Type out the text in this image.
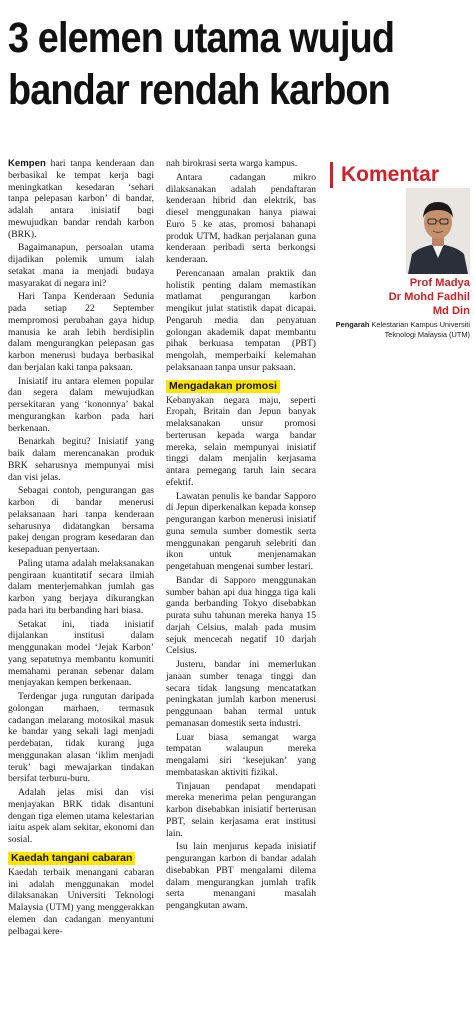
3 elemen utama wujud
bandar rendah karbon

Kempen hari tanpa kenderaan dan berbasikal ke tempat kerja bagi meningkatkan kesedaran ‘sehari tanpa pelepasan karbon’ di bandar, adalah antara inisiatif bagi mewujudkan bandar rendah karbon (BRK).

Bagaimanapun, persoalan utama dijadikan polemik umum ialah setakat mana ia menjadi budaya masyarakat di negara ini?

Hari Tanpa Kenderaan Sedunia pada setiap 22 September mempromosi perubahan gaya hidup manusia ke arah lebih berdisiplin dalam mengurangkan pelepasan gas karbon menerusi budaya berbasikal dan berjalan kaki tanpa paksaan.

Inisiatif itu antara elemen popular dan segera dalam mewujudkan persekitaran yang ‘kononnya’ bakal mengurangkan karbon pada hari berkenaan.

Benarkah begitu? Inisiatif yang baik dalam merencanakan produk BRK seharusnya mempunyai misi dan visi jelas.

Sebagai contoh, pengurangan gas karbon di bandar menerusi pelaksanaan hari tanpa kenderaan seharusnya didatangkan bersama pakej dengan program kesedaran dan kesepaduan penyertaan.

Paling utama adalah melaksanakan pengiraan kuantitatif secara ilmiah dalam menterjemahkan jumlah gas karbon yang berjaya dikurangkan pada hari itu berbanding hari biasa.

Setakat ini, tiada inisiatif dijalankan institusi dalam menggunakan model ‘Jejak Karbon’ yang sepatutnya membantu komuniti memahami peranan sebenar dalam menjayakan kempen berkenaan.

Terdengar juga rungutan daripada golongan marhaen, termasuk cadangan melarang motosikal masuk ke bandar yang sekali lagi menjadi perdebatan, tidak kurang juga menggunakan alasan ‘iklim menjadi teruk’ bagi mewajarkan tindakan bersifat terburu-buru.

Adalah jelas misi dan visi menjayakan BRK tidak disantuni dengan tiga elemen utama kelestarian iaitu aspek alam sekitar, ekonomi dan sosial.

Kaedah tangani cabaran

Kaedah terbaik menangani cabaran ini adalah menggunakan model dilaksanakan Universiti Teknologi Malaysia (UTM) yang menggerakkan elemen dan cadangan menyantuni pelbagai kere-

nah birokrasi serta warga kampus.

Antara cadangan mikro dilaksanakan adalah pendaftaran kenderaan hibrid dan elektrik, bas diesel menggunakan hanya piawai Euro 5 ke atas, promosi bahanapi produk UTM, hadkan perjalanan guna kenderaan peribadi serta berkongsi kenderaan.

Perencanaan amalan praktik dan holistik penting dalam memastikan matlamat pengurangan karbon mengikut julat statistik dapat dicapai. Pengaruh media dan penyatuan golongan akademik dapat membantu pihak berkuasa tempatan (PBT) mengolah, memperbaiki kelemahan pelaksanaan tanpa unsur paksaan.

Mengadakan promosi

Kebanyakan negara maju, seperti Eropah, Britain dan Jepun banyak melaksanakan unsur promosi berterusan kepada warga bandar mereka, selain mempunyai inisiatif tinggi dalam menjalin kerjasama antara pemegang taruh lain secara efektif.

Lawatan penulis ke bandar Sapporo di Jepun diperkenalkan kepada konsep pengurangan karbon menerusi inisiatif guna semula sumber domestik serta menggunakan pengaruh selebriti dan ikon untuk menjenamakan pengetahuan mengenai sumber lestari.

Bandar di Sapporo menggunakan sumber bahan api dua hingga tiga kali ganda berbanding Tokyo disebabkan purata suhu tahunan mereka hanya 15 darjah Celsius, malah pada musim sejuk mencecah negatif 10 darjah Celsius.

Justeru, bandar ini memerlukan janaan sumber tenaga tinggi dan secara tidak langsung mencatatkan peningkatan jumlah karbon menerusi penggunaan bahan termal untuk pemanasan domestik serta industri.

Luar biasa semangat warga tempatan walaupun mereka mengalami siri ‘kesejukan’ yang membataskan aktiviti fizikal.

Tinjauan pendapat mendapati mereka menerima pelan pengurangan karbon disebabkan inisiatif berterusan PBT, selain kerjasama erat institusi lain.

Isu lain menjurus kepada inisiatif pengurangan karbon di bandar adalah disebabkan PBT mengalami dilema dalam mengurangkan jumlah trafik serta menangani masalah pengangkutan awam.

Komentar
Prof Madya
Dr Mohd Fadhil
Md Din
Pengarah Kelestarian Kampus Universiti Teknologi Malaysia (UTM)
